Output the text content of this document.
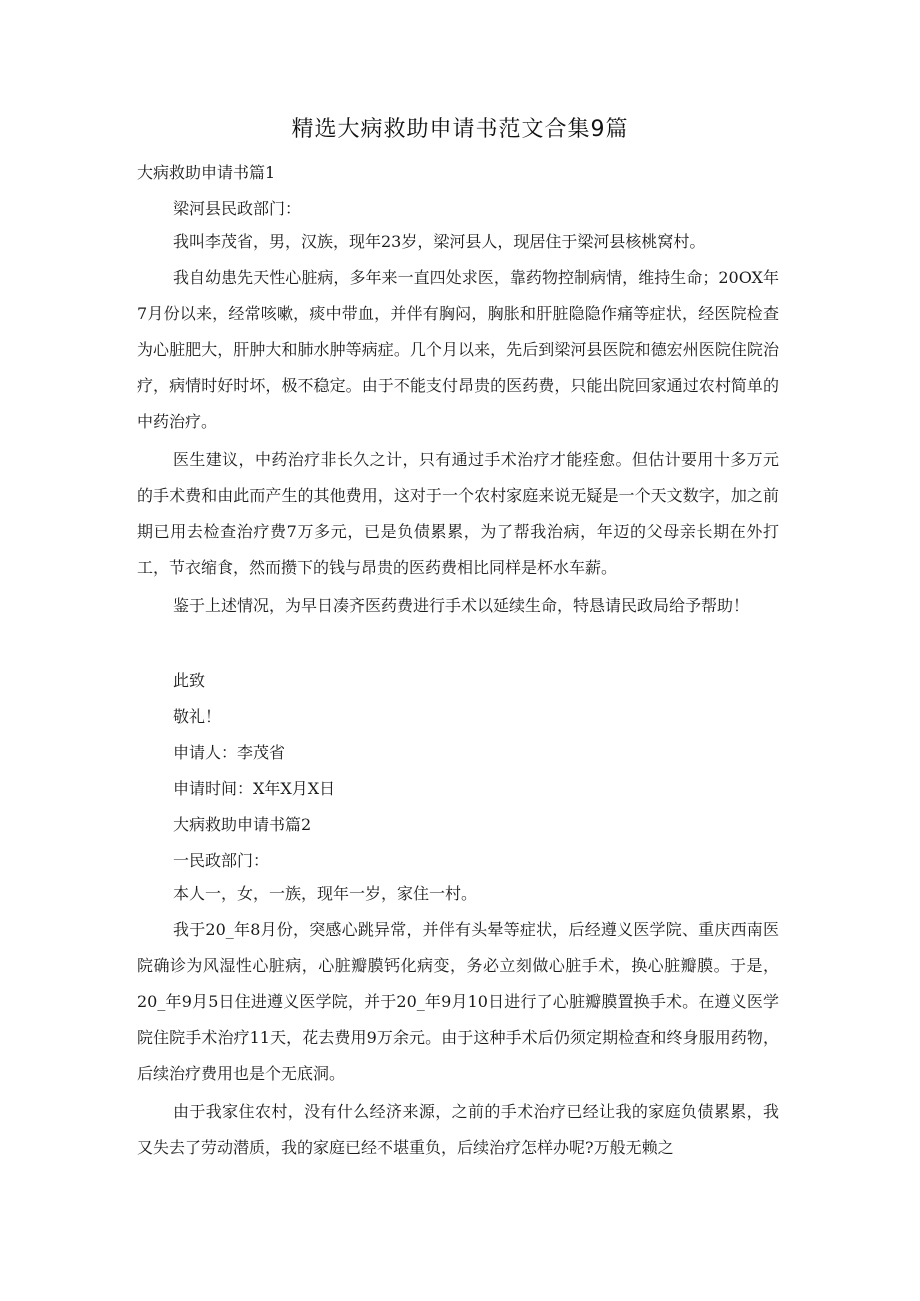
精选大病救助申请书范文合集9篇

大病救助申请书篇1

梁河县民政部门：

我叫李茂省，男，汉族，现年23岁，梁河县人，现居住于梁河县核桃窝村。

我自幼患先天性心脏病，多年来一直四处求医，靠药物控制病情，维持生命；20OX年7月份以来，经常咳嗽，痰中带血，并伴有胸闷，胸胀和肝脏隐隐作痛等症状，经医院检查为心脏肥大，肝肿大和肺水肿等病症。几个月以来，先后到梁河县医院和德宏州医院住院治疗，病情时好时坏，极不稳定。由于不能支付昂贵的医药费，只能出院回家通过农村简单的中药治疗。

医生建议，中药治疗非长久之计，只有通过手术治疗才能痊愈。但估计要用十多万元的手术费和由此而产生的其他费用，这对于一个农村家庭来说无疑是一个天文数字，加之前期已用去检查治疗费7万多元，已是负债累累，为了帮我治病，年迈的父母亲长期在外打工，节衣缩食，然而攒下的钱与昂贵的医药费相比同样是杯水车薪。

鉴于上述情况，为早日凑齐医药费进行手术以延续生命，特恳请民政局给予帮助！

此致

敬礼！

申请人：李茂省

申请时间：X年X月X日

大病救助申请书篇2

一民政部门：

本人一，女，一族，现年一岁，家住一村。

我于20_年8月份，突感心跳异常，并伴有头晕等症状，后经遵义医学院、重庆西南医院确诊为风湿性心脏病，心脏瓣膜钙化病变，务必立刻做心脏手术，换心脏瓣膜。于是，20_年9月5日住进遵义医学院，并于20_年9月10日进行了心脏瓣膜置换手术。在遵义医学院住院手术治疗11天，花去费用9万余元。由于这种手术后仍须定期检查和终身服用药物，后续治疗费用也是个无底洞。

由于我家住农村，没有什么经济来源，之前的手术治疗已经让我的家庭负债累累，我又失去了劳动潜质，我的家庭已经不堪重负，后续治疗怎样办呢?万般无赖之
